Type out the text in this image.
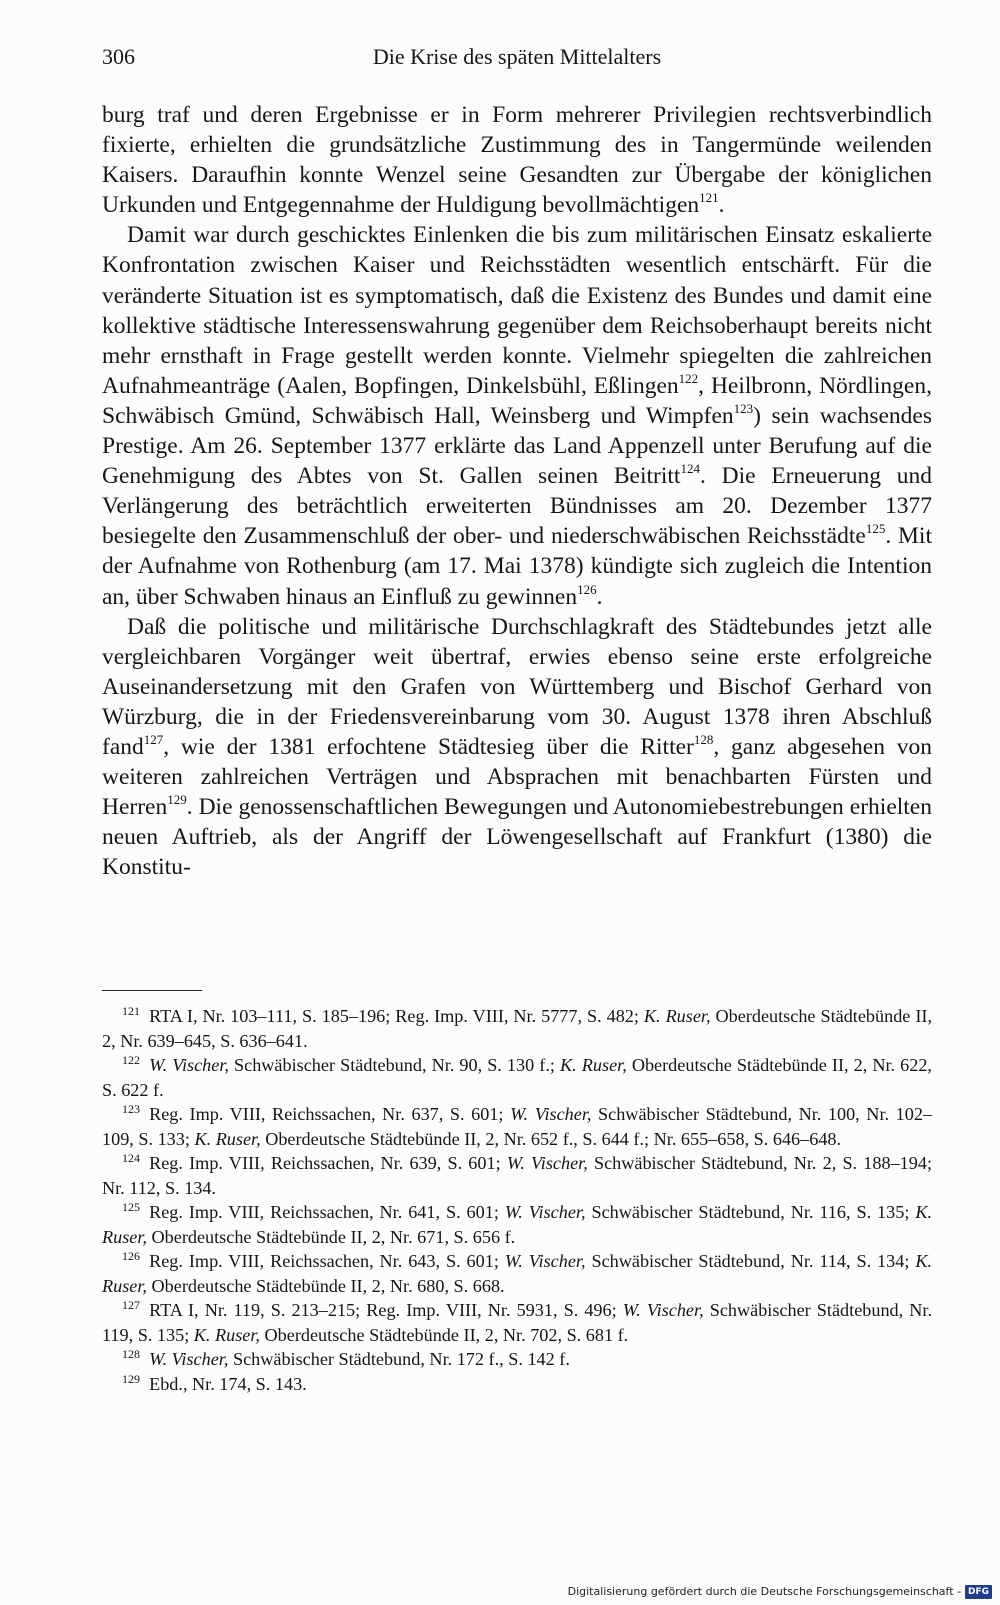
306	Die Krise des späten Mittelalters

burg traf und deren Ergebnisse er in Form mehrerer Privilegien rechtsverbindlich fixierte, erhielten die grundsätzliche Zustimmung des in Tangermünde weilenden Kaisers. Daraufhin konnte Wenzel seine Gesandten zur Übergabe der königlichen Urkunden und Entgegennahme der Huldigung bevollmächtigen$^{121}$.

Damit war durch geschicktes Einlenken die bis zum militärischen Einsatz eskalierte Konfrontation zwischen Kaiser und Reichsstädten wesentlich entschärft. Für die veränderte Situation ist es symptomatisch, daß die Existenz des Bundes und damit eine kollektive städtische Interessenswahrung gegenüber dem Reichsoberhaupt bereits nicht mehr ernsthaft in Frage gestellt werden konnte. Vielmehr spiegelten die zahlreichen Aufnahmeanträge (Aalen, Bopfingen, Dinkelsbühl, Eßlingen$^{122}$, Heilbronn, Nördlingen, Schwäbisch Gmünd, Schwäbisch Hall, Weinsberg und Wimpfen$^{123}$) sein wachsendes Prestige. Am 26. September 1377 erklärte das Land Appenzell unter Berufung auf die Genehmigung des Abtes von St. Gallen seinen Beitritt$^{124}$. Die Erneuerung und Verlängerung des beträchtlich erweiterten Bündnisses am 20. Dezember 1377 besiegelte den Zusammenschluß der ober- und niederschwäbischen Reichsstädte$^{125}$. Mit der Aufnahme von Rothenburg (am 17. Mai 1378) kündigte sich zugleich die Intention an, über Schwaben hinaus an Einfluß zu gewinnen$^{126}$.

Daß die politische und militärische Durchschlagkraft des Städtebundes jetzt alle vergleichbaren Vorgänger weit übertraf, erwies ebenso seine erste erfolgreiche Auseinandersetzung mit den Grafen von Württemberg und Bischof Gerhard von Würzburg, die in der Friedensvereinbarung vom 30. August 1378 ihren Abschluß fand$^{127}$, wie der 1381 erfochtene Städtesieg über die Ritter$^{128}$, ganz abgesehen von weiteren zahlreichen Verträgen und Absprachen mit benachbarten Fürsten und Herren$^{129}$. Die genossenschaftlichen Bewegungen und Autonomiebestrebungen erhielten neuen Auftrieb, als der Angriff der Löwengesellschaft auf Frankfurt (1380) die Konstitu-

$^{121}$  RTA I, Nr. 103–111, S. 185–196; Reg. Imp. VIII, Nr. 5777, S. 482; K. Ruser, Oberdeutsche Städtebünde II, 2, Nr. 639–645, S. 636–641.

$^{122}$  W. Vischer, Schwäbischer Städtebund, Nr. 90, S. 130 f.; K. Ruser, Oberdeutsche Städtebünde II, 2, Nr. 622, S. 622 f.

$^{123}$  Reg. Imp. VIII, Reichssachen, Nr. 637, S. 601; W. Vischer, Schwäbischer Städtebund, Nr. 100, Nr. 102–109, S. 133; K. Ruser, Oberdeutsche Städtebünde II, 2, Nr. 652 f., S. 644 f.; Nr. 655–658, S. 646–648.

$^{124}$  Reg. Imp. VIII, Reichssachen, Nr. 639, S. 601; W. Vischer, Schwäbischer Städtebund, Nr. 2, S. 188–194; Nr. 112, S. 134.

$^{125}$  Reg. Imp. VIII, Reichssachen, Nr. 641, S. 601; W. Vischer, Schwäbischer Städtebund, Nr. 116, S. 135; K. Ruser, Oberdeutsche Städtebünde II, 2, Nr. 671, S. 656 f.

$^{126}$  Reg. Imp. VIII, Reichssachen, Nr. 643, S. 601; W. Vischer, Schwäbischer Städtebund, Nr. 114, S. 134; K. Ruser, Oberdeutsche Städtebünde II, 2, Nr. 680, S. 668.

$^{127}$  RTA I, Nr. 119, S. 213–215; Reg. Imp. VIII, Nr. 5931, S. 496; W. Vischer, Schwäbischer Städtebund, Nr. 119, S. 135; K. Ruser, Oberdeutsche Städtebünde II, 2, Nr. 702, S. 681 f.

$^{128}$  W. Vischer, Schwäbischer Städtebund, Nr. 172 f., S. 142 f.

$^{129}$  Ebd., Nr. 174, S. 143.

Digitalisierung gefördert durch die Deutsche Forschungsgemeinschaft - DFG
